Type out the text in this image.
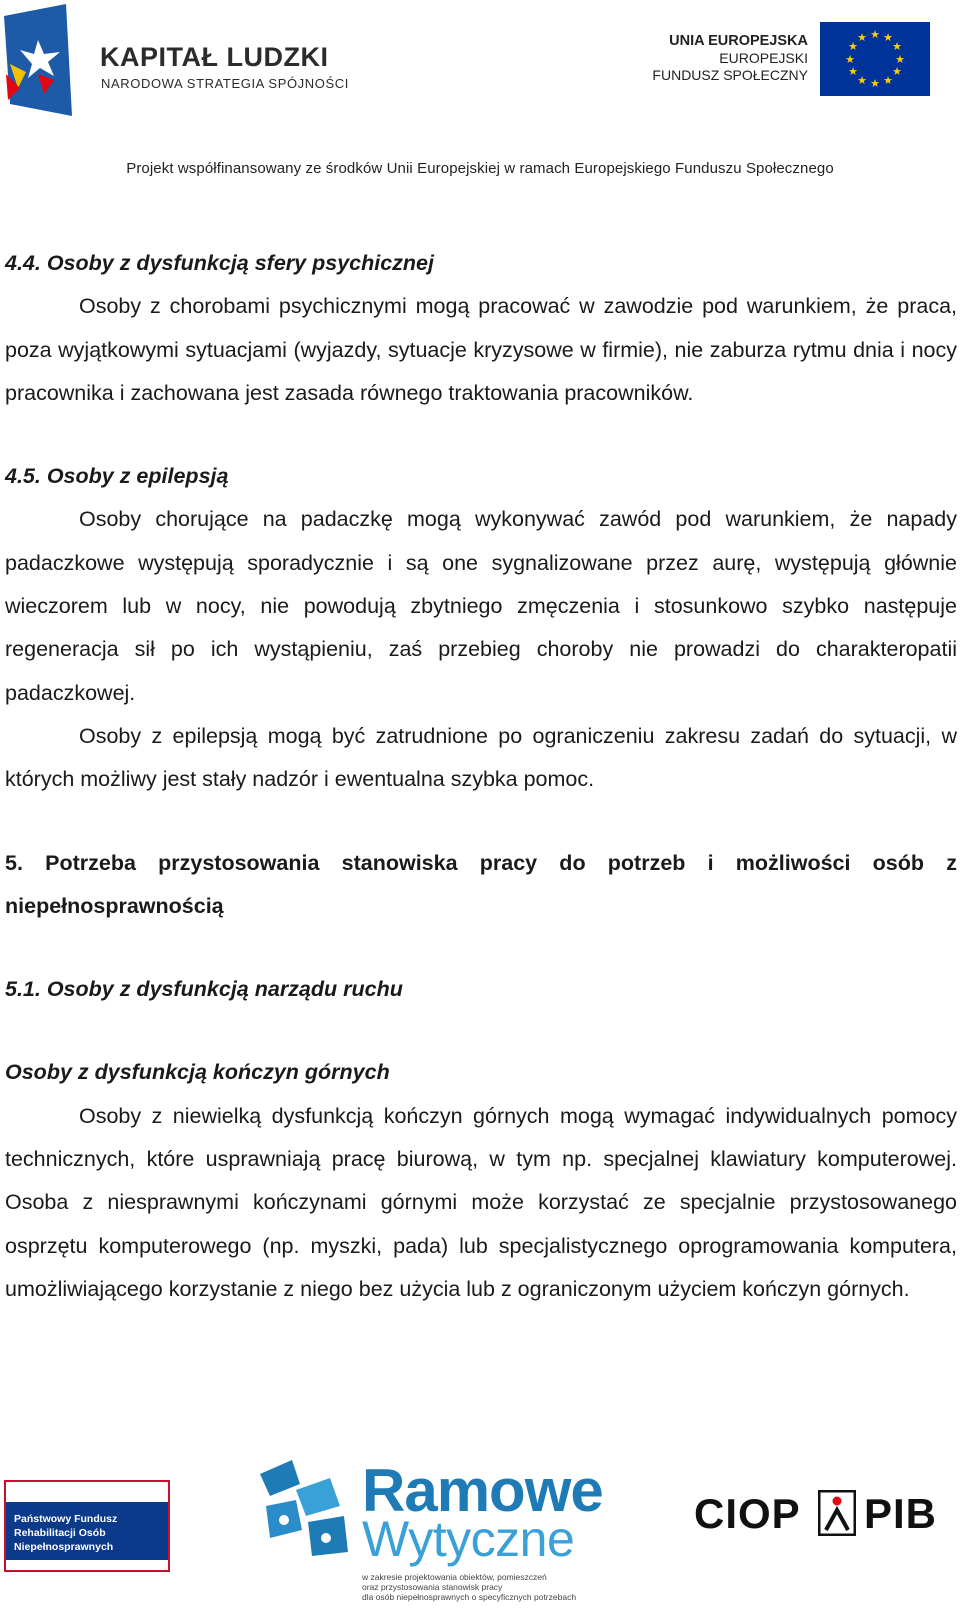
KAPITAŁ LUDZKI
NARODOWA STRATEGIA SPÓJNOŚCI
UNIA EUROPEJSKA
EUROPEJSKI
FUNDUSZ SPOŁECZNY
★ ★
★
★
★
★
★
★
★
★
★
★
Projekt współfinansowany ze środków Unii Europejskiej w ramach Europejskiego Funduszu Społecznego

4.4. Osoby z dysfunkcją sfery psychicznej

Osoby z chorobami psychicznymi mogą pracować w zawodzie pod warunkiem, że praca, poza wyjątkowymi sytuacjami (wyjazdy, sytuacje kryzysowe w firmie), nie zaburza rytmu dnia i nocy pracownika i zachowana jest zasada równego traktowania pracowników.

4.5. Osoby z epilepsją

Osoby chorujące na padaczkę mogą wykonywać zawód pod warunkiem, że napady padaczkowe występują sporadycznie i są one sygnalizowane przez aurę, występują głównie wieczorem lub w nocy, nie powodują zbytniego zmęczenia i stosunkowo szybko następuje regeneracja sił po ich wystąpieniu, zaś przebieg choroby nie prowadzi do charakteropatii padaczkowej.

Osoby z epilepsją mogą być zatrudnione po ograniczeniu zakresu zadań do sytuacji, w których możliwy jest stały nadzór i ewentualna szybka pomoc.

5. Potrzeba przystosowania stanowiska pracy do potrzeb i możliwości osób z niepełnosprawnością

5.1. Osoby z dysfunkcją narządu ruchu

Osoby z dysfunkcją kończyn górnych

Osoby z niewielką dysfunkcją kończyn górnych mogą wymagać indywidualnych pomocy technicznych, które usprawniają pracę biurową, w tym np. specjalnej klawiatury komputerowej. Osoba z niesprawnymi kończynami górnymi może korzystać ze specjalnie przystosowanego osprzętu komputerowego (np. myszki, pada) lub specjalistycznego oprogramowania komputera, umożliwiającego korzystanie z niego bez użycia lub z ograniczonym użyciem kończyn górnych.

Państwowy Fundusz
Rehabilitacji Osób
Niepełnosprawnych
Ramowe
Wytyczne
w zakresie projektowania obiektów, pomieszczeń
oraz przystosowania stanowisk pracy
dla osób niepełnosprawnych o specyficznych potrzebach
CIOP PIB
